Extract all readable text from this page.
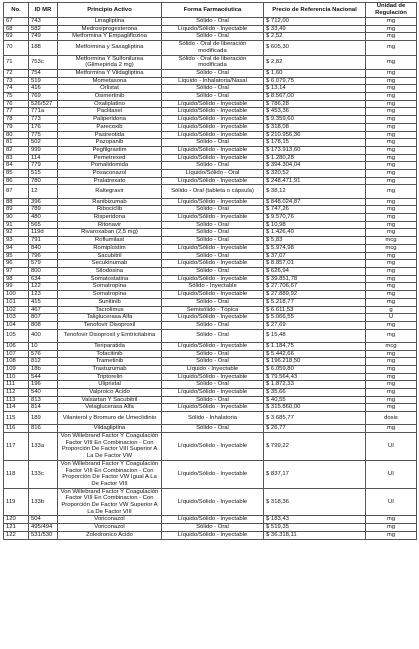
No.	ID MR	Principio Activo	Forma Farmacéutica	Precio de Referencia Nacional	Unidad de Regulación
67	743	Linagliptina	Sólido - Oral	$ 712,00	mg
68	582	Medroxiprogesterona	Líquido/Sólido - Inyectable	$ 33,49	mg
69	749	Metformina Y Empagliflozina	Sólido - Oral	$ 2,52	mg
70	188	Metformina y Saxagliptina	Sólido - Oral de liberación modificada	$ 605,30	mg
71	753c	Metformina Y Sulfonilurea (Glimepirida 2 mg)	Sólido - Oral de liberación modificada	$ 2,82	mg
72	754	Metformina Y Vildagliptina	Sólido - Oral	$ 1,60	mg
73	519	Mometasona	Líquido - Inhalatoria/Nasal	$ 6.079,75	mg
74	416	Orlistat	Sólido - Oral	$ 13,14	mg
75	769	Osimertinib	Sólido - Oral	$ 8.567,00	mg
76	526/527	Oxaliplatino	Líquido/Sólido - Inyectable	$ 786,28	mg
77	771a	Paclitaxel	Líquido/Sólido - Inyectable	$ 453,36	mg
78	773	Paliperidona	Líquido/Sólido - Inyectable	$ 9.359,60	mg
79	176	Parecoxib	Líquido/Sólido - Inyectable	$ 318,08	mg
80	775	Pasireotida	Líquido/Sólido - Inyectable	$ 210.956,36	mg
81	502	Pazopanib	Sólido - Oral	$ 178,15	mg
82	999	Pegfilgrastim	Líquido/Sólido - Inyectable	$ 173.913,60	mg
83	114	Pemetrexed	Líquido/Sólido - Inyectable	$ 1.280,28	mg
84	779	Pomalidomida	Sólido - Oral	$ 394.304,04	mg
85	515	Posaconazol	Líquido/Sólido - Oral	$ 320,52	mg
86	780	Pralatrexato	Líquido/Sólido - Inyectable	$ 248.471,91	mg
87	12	Raltegravir	Sólido - Oral (tableta o cápsula)	$ 38,12	mg
88	396	Ranibizumab	Líquido/Sólido - Inyectable	$ 848.024,87	mg
89	789	Ribociclib	Sólido - Oral	$ 747,26	mg
90	480	Risperidona	Líquido/Sólido - Inyectable	$ 9.570,76	mg
91	565	Ritonavir	Sólido - Oral	$ 10,98	mg
92	119d	Rivaroxaban (2,5 mg)	Sólido - Oral	$ 1.426,40	mg
93	791	Roflumilast	Sólido - Oral	$ 5,83	mcg
94	840	Romiplostim	Líquido/Sólido - Inyectable	$ 5.974,98	mcg
95	796	Sacubitril	Sólido - Oral	$ 37,07	mg
96	579	Secukinumab	Líquido/Sólido - Inyectable	$ 8.857,01	mg
97	800	Silodosina	Sólido - Oral	$ 626,94	mg
98	634	Somatostatina	Líquido/Sólido - Inyectable	$ 39.851,78	mg
99	122	Somatropina	Sólido - Inyectable	$ 27.706,67	mg
100	123	Somatropina	Líquido/Sólido - Inyectable	$ 27.889,92	mg
101	415	Sunitinib	Sólido - Oral	$ 5.218,77	mg
102	467	Tacrolimus	Semisólido - Tópica	$ 6.611,53	g
103	807	Taliglucerasa Alfa	Líquido/Sólido - Inyectable	$ 5.066,55	U
104	808	Tenofovir Disoproxil	Sólido - Oral	$ 27,69	mg
105	400	Tenofovir Disoproxil y Emtricitabina	Sólido - Oral	$ 15,48	mg
106	10	Teriparatida	Líquido/Sólido - Inyectable	$ 1.184,75	mcg
107	576	Tofacitinib	Sólido - Oral	$ 5.442,66	mg
108	812	Trametinib	Sólido - Oral	$ 196.218,50	mg
109	18b	Trastuzumab	Líquido - Inyectable	$ 6.059,80	mg
110	544	Triptorelin	Líquido/Sólido - Inyectable	$ 79.564,43	mg
111	196	Ulipristal	Sólido - Oral	$ 1.872,33	mg
112	540	Valproico Ácido	Líquido/Sólido - Inyectable	$ 35,66	mg
113	813	Valsartan Y Sacubitril	Sólido - Oral	$ 40,55	mg
114	814	Velaglucerasa Alfa	Líquido/Sólido - Inyectable	$ 315.860,00	mg
115	189	Vilanterol y Bromuro de Umeclidinio	Sólido - Inhalatoria	$ 3.685,77	dosis
116	816	Vildagliptina	Sólido - Oral	$ 26,77	mg
117	133a	Von Willebrand Factor Y Coagulación Factor VIII En Combinacion - Con Proporción De Factor VIII Superior A La De Factor VW	Líquido/Sólido - Inyectable	$ 799,22	UI
118	133c	Von Willebrand Factor Y Coagulación Factor VIII En Combinacion - Con Proporción De Factor VW Igual A La De Factor VIII	Líquido/Sólido - Inyectable	$ 837,17	UI
119	133b	Von Willebrand Factor Y Coagulación Factor VIII En Combinacion - Con Proporción De Factor VW Superior A La De Factor VIII	Líquido/Sólido - Inyectable	$ 318,36	UI
120	504	Voriconazol	Líquido/Sólido - Inyectable	$ 183,43	mg
121	495/494	Voriconazol	Sólido - Oral	$ 519,35	mg
122	531/530	Zoledronico Acido	Líquido/Sólido - Inyectable	$ 36.318,11	mg
